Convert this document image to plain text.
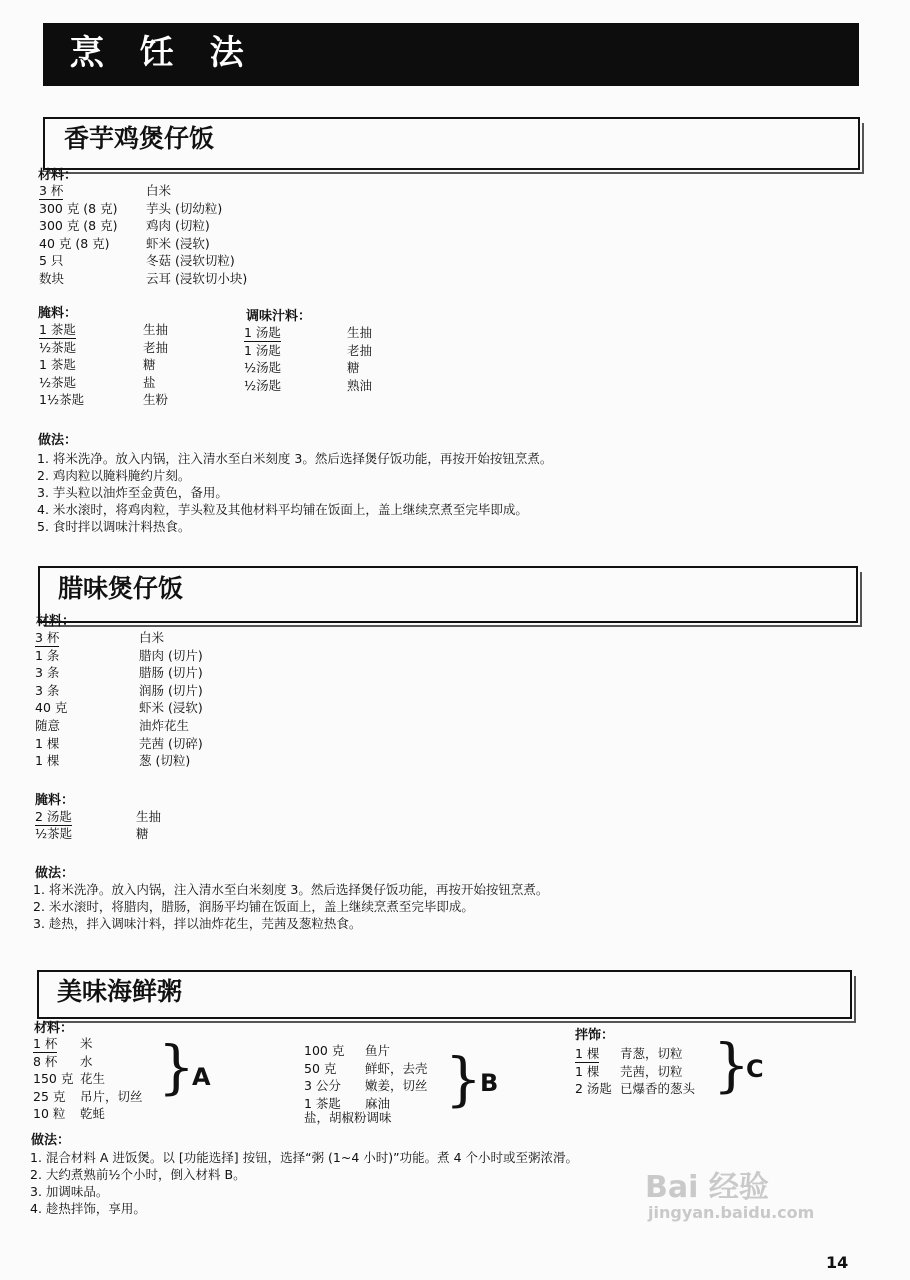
烹 饪 法
香芋鸡煲仔饭
材料：
3 杯	白米
300 克 (8 克) 芋头 (切幼粒)
300 克 (8 克) 鸡肉 (切粒)
40 克 (8 克)	虾米 (浸软)
5 只	冬菇 (浸软切粒)
数块	云耳 (浸软切小块)
腌料：
1 茶匙	生抽
½茶匙	老抽
1 茶匙	糖
½茶匙	盐
1½茶匙	生粉
调味汁料：
1 汤匙	生抽
1 汤匙	老抽
½汤匙	糖
½汤匙	熟油
做法：
1. 将米洗净。放入内锅，注入清水至白米刻度 3。然后选择煲仔饭功能，再按开始按钮烹煮。
2. 鸡肉粒以腌料腌约片刻。
3. 芋头粒以油炸至金黄色，备用。
4. 米水滚时，将鸡肉粒，芋头粒及其他材料平均铺在饭面上，盖上继续烹煮至完毕即成。
5. 食时拌以调味汁料热食。
腊味煲仔饭
材料：
3 杯	白米
1 条	腊肉 (切片)
3 条	腊肠 (切片)
3 条	润肠 (切片)
40 克	虾米 (浸软)
随意	油炸花生
1 棵	芫茜 (切碎)
1 棵	葱 (切粒)
腌料：
2 汤匙	生抽
½茶匙	糖
做法：
1. 将米洗净。放入内锅，注入清水至白米刻度 3。然后选择煲仔饭功能，再按开始按钮烹煮。
2. 米水滚时，将腊肉，腊肠，润肠平均铺在饭面上，盖上继续烹煮至完毕即成。
3. 趁热，拌入调味汁料，拌以油炸花生，芫茜及葱粒热食。
美味海鲜粥
材料：
1 杯 米
8 杯 水
150 克 花生
25 克 吊片，切丝
10 粒 乾蚝
}
A
100 克 鱼片
50 克 鲜虾，去壳
3 公分 嫩姜，切丝
1 茶匙 麻油
盐，胡椒粉调味
}
B
拌饰：
1 棵 青葱，切粒
1 棵 芫茜，切粒
2 汤匙 已爆香的葱头 }
C
做法：
1. 混合材料 A 进饭煲。以 [功能选择] 按钮，选择“粥 (1~4 小时)”功能。煮 4 个小时或至粥浓滑。
2. 大约煮熟前½个小时，倒入材料 B。
3. 加调味品。
4. 趁热拌饰，享用。
Bai 经验
jingyan.baidu.com
14
